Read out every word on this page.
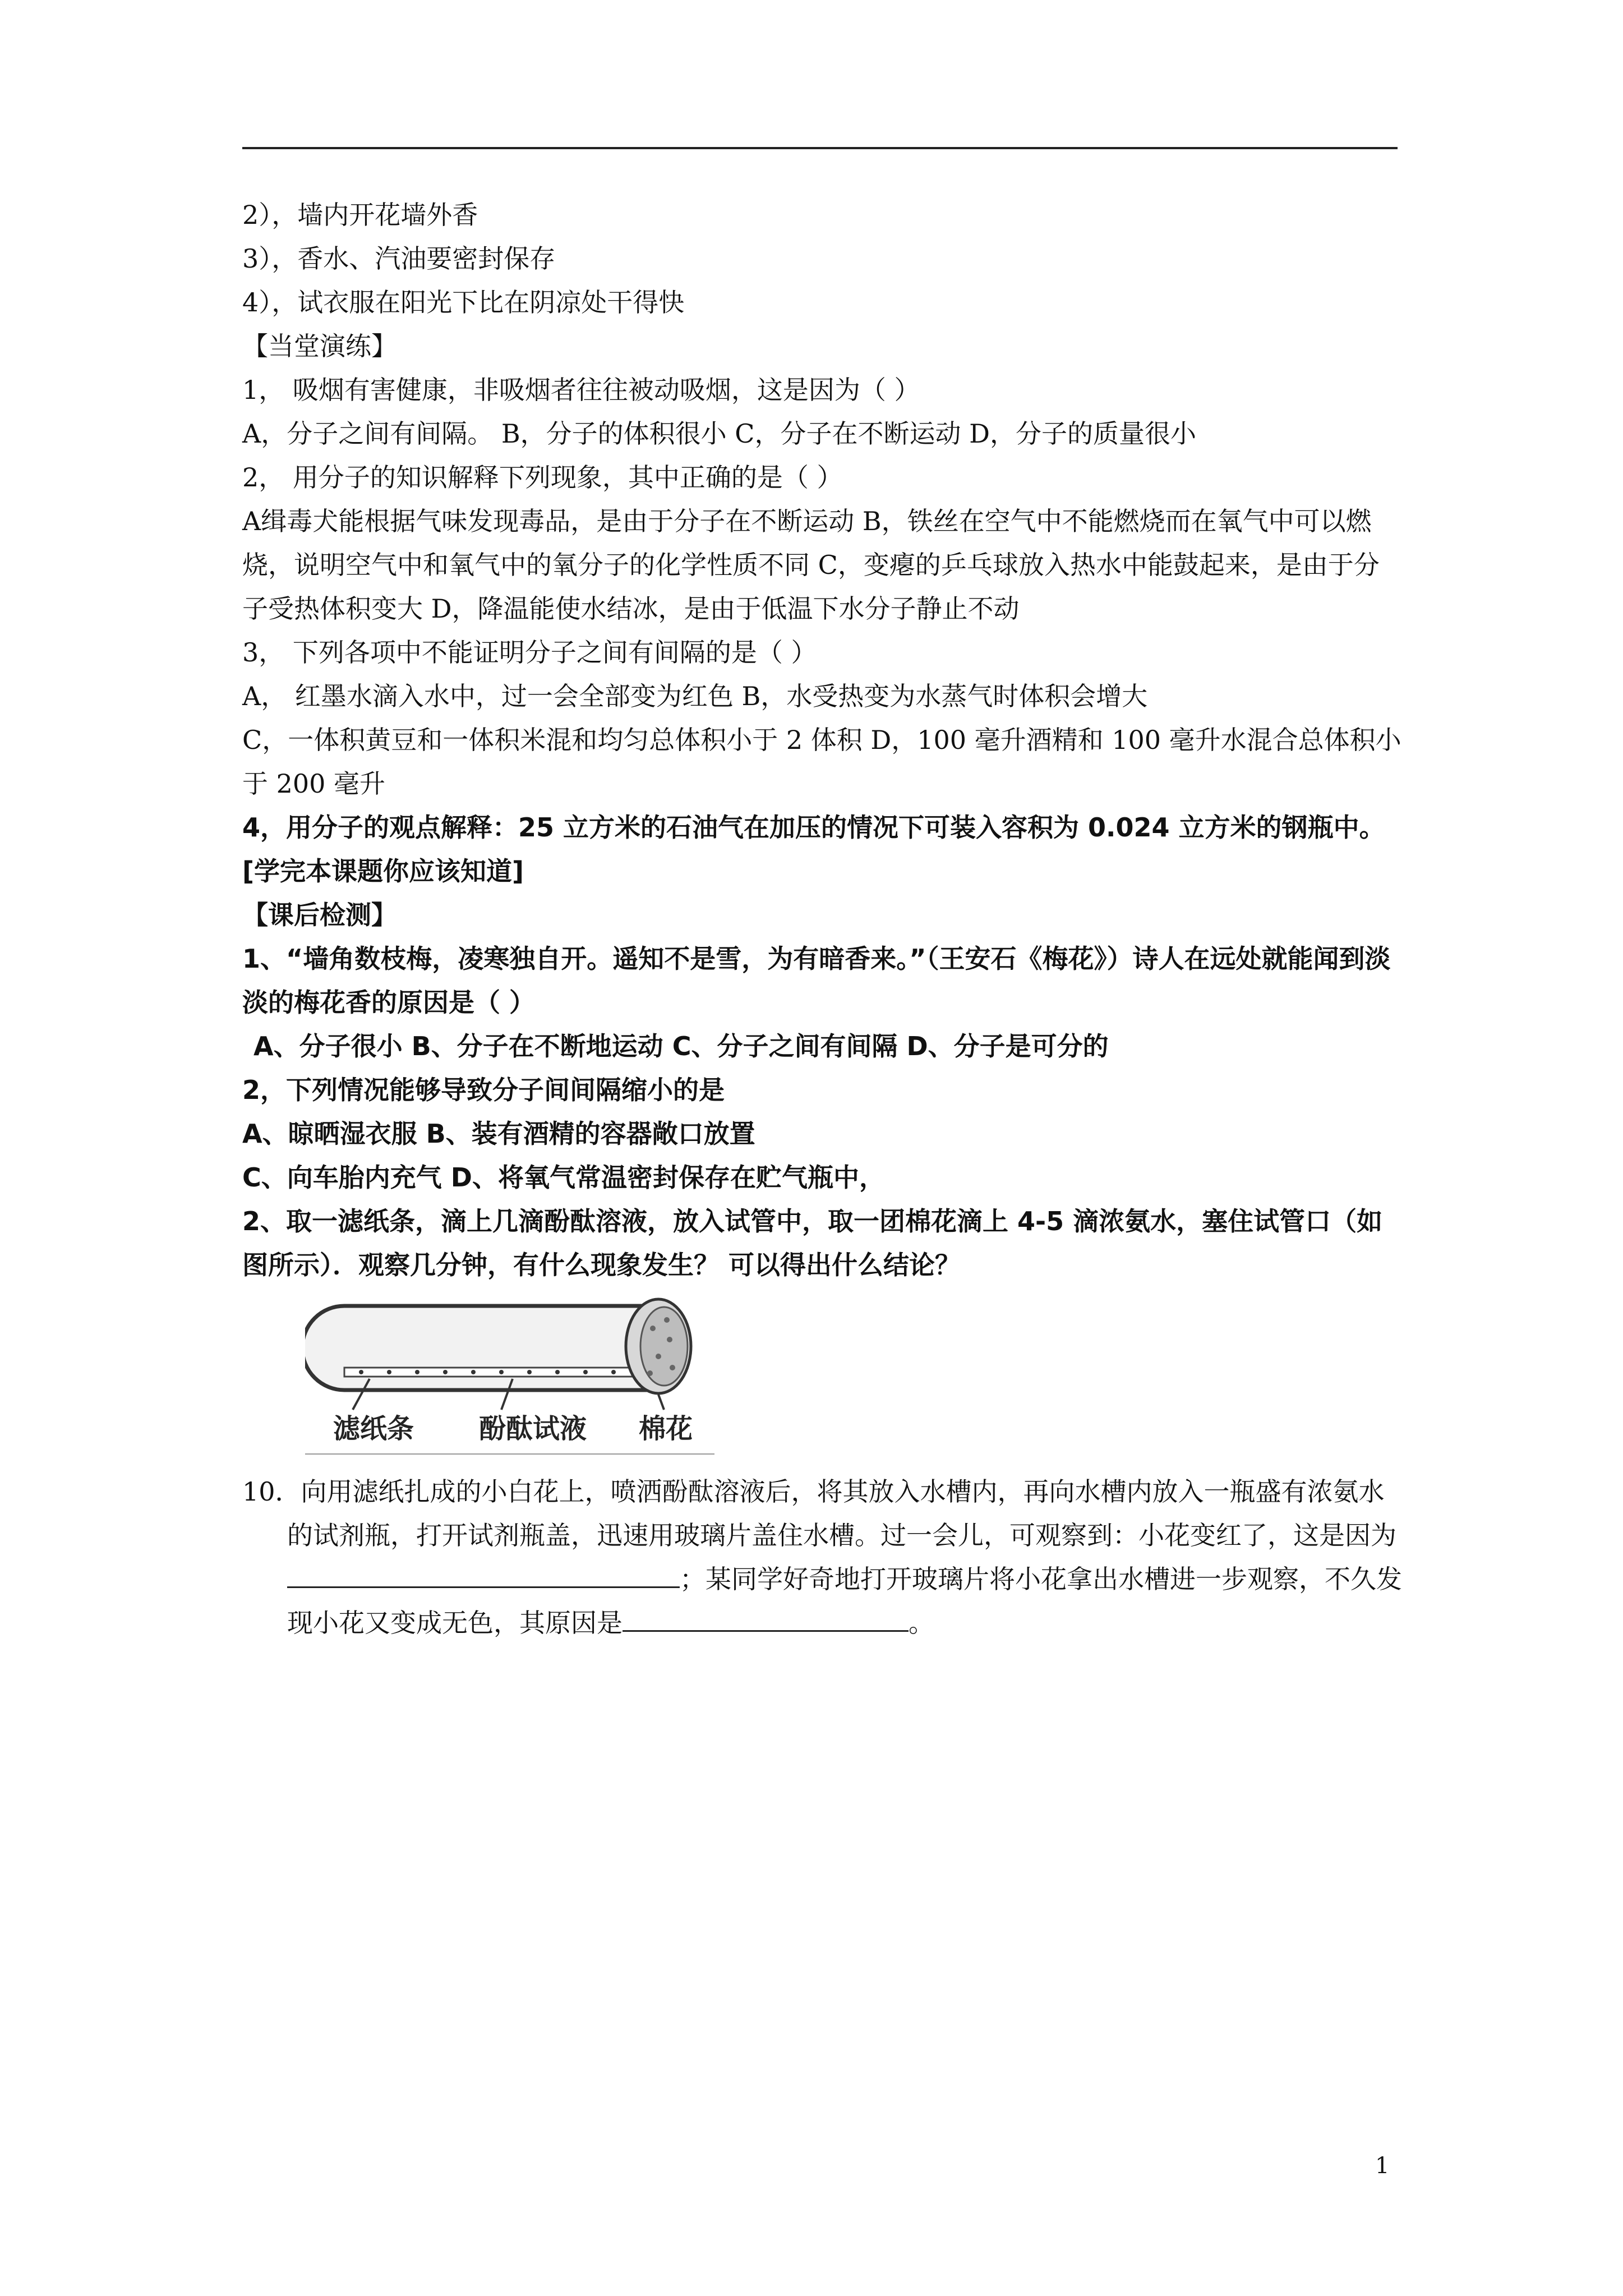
2），墙内开花墙外香
3），香水、汽油要密封保存
4），试衣服在阳光下比在阴凉处干得快
【当堂演练】
1， 吸烟有害健康，非吸烟者往往被动吸烟，这是因为（ ）
A，分子之间有间隔。 B，分子的体积很小 C，分子在不断运动 D，分子的质量很小
2， 用分子的知识解释下列现象，其中正确的是（ ）
A缉毒犬能根据气味发现毒品，是由于分子在不断运动 B，铁丝在空气中不能燃烧而在氧气中可以燃烧，说明空气中和氧气中的氧分子的化学性质不同 C，变瘪的乒乓球放入热水中能鼓起来，是由于分子受热体积变大 D，降温能使水结冰，是由于低温下水分子静止不动
3， 下列各项中不能证明分子之间有间隔的是（ ）
A， 红墨水滴入水中，过一会全部变为红色 B，水受热变为水蒸气时体积会增大
C，一体积黄豆和一体积米混和均匀总体积小于 2 体积 D，100 毫升酒精和 100 毫升水混合总体积小于 200 毫升
4，用分子的观点解释：25 立方米的石油气在加压的情况下可装入容积为 0.024 立方米的钢瓶中。
[学完本课题你应该知道]
【课后检测】
1、“墙角数枝梅，凌寒独自开。遥知不是雪，为有暗香来。”（王安石《梅花》）诗人在远处就能闻到淡淡的梅花香的原因是（ ）
A、分子很小 B、分子在不断地运动 C、分子之间有间隔 D、分子是可分的
2，下列情况能够导致分子间间隔缩小的是
A、晾晒湿衣服 B、装有酒精的容器敞口放置
C、向车胎内充气 D、将氧气常温密封保存在贮气瓶中，
2、取一滤纸条，滴上几滴酚酞溶液，放入试管中，取一团棉花滴上 4-5 滴浓氨水，塞住试管口（如图所示）．观察几分钟，有什么现象发生？ 可以得出什么结论？
滤纸条 酚酞试液 棉花
10．向用滤纸扎成的小白花上，喷洒酚酞溶液后，将其放入水槽内，再向水槽内放入一瓶盛有浓氨水的试剂瓶，打开试剂瓶盖，迅速用玻璃片盖住水槽。过一会儿，可观察到：小花变红了，这是因为；某同学好奇地打开玻璃片将小花拿出水槽进一步观察，不久发现小花又变成无色，其原因是	。
1
